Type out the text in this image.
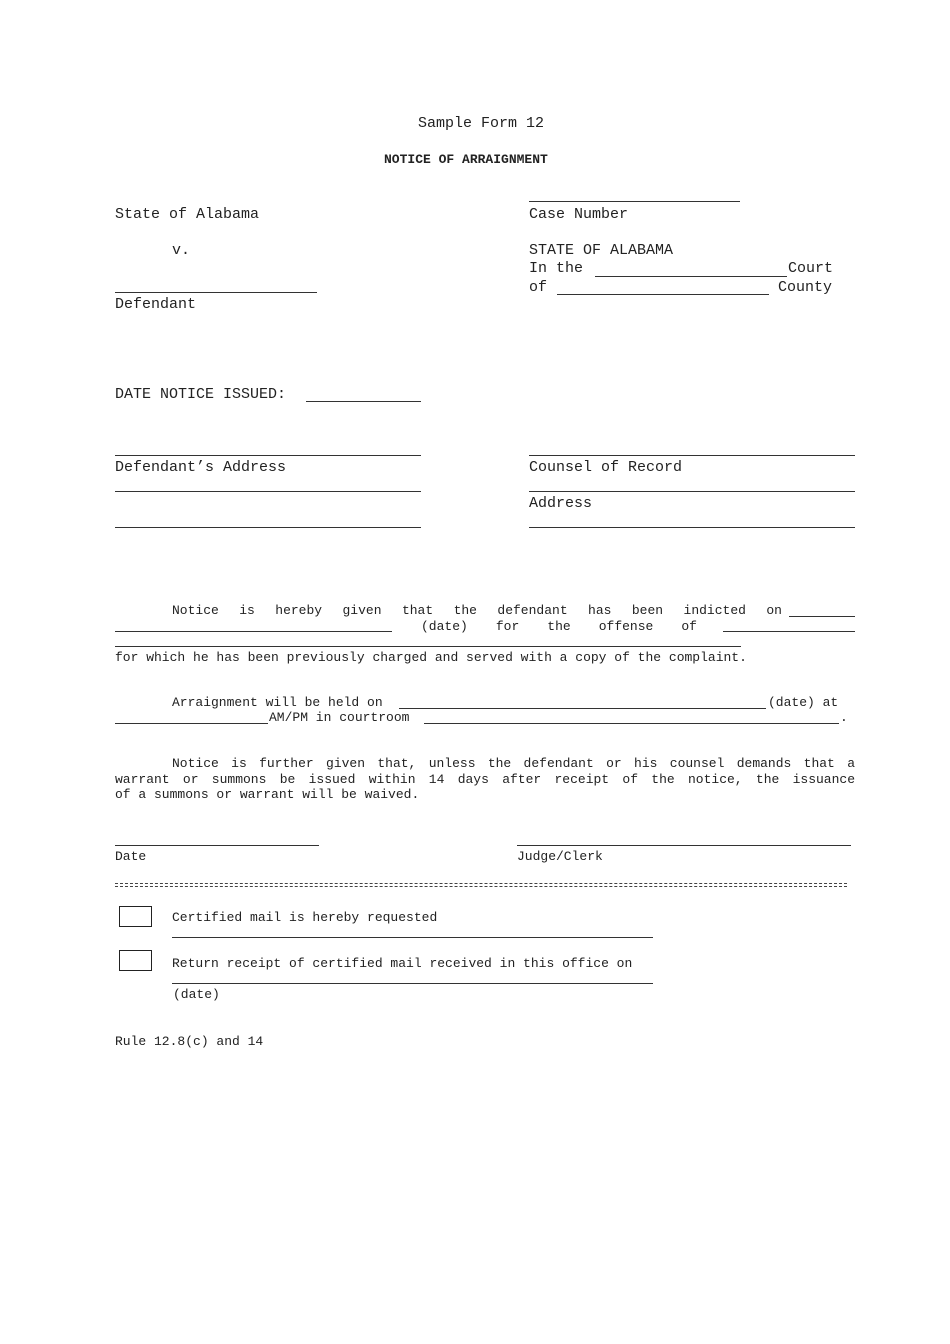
Sample Form 12
NOTICE OF ARRAIGNMENT
State of Alabama
v.
Defendant
Case Number
STATE OF ALABAMA
In the	Court
of	County
DATE NOTICE ISSUED:
Defendant’s Address	Counsel of Record
Address
Notice is hereby given that the defendant has been indicted on
(date) for the offense of
for which he has been previously charged and served with a copy of the complaint.
Arraignment will be held on	(date) at
AM/PM in courtroom	.
Notice is further given that, unless the defendant or his counsel demands that a
warrant or summons be issued within 14 days after receipt of the notice, the issuance
of a summons or warrant will be waived.
Date	Judge/Clerk
Certified mail is hereby requested
Return receipt of certified mail received in this office on
(date)
Rule 12.8(c) and 14
